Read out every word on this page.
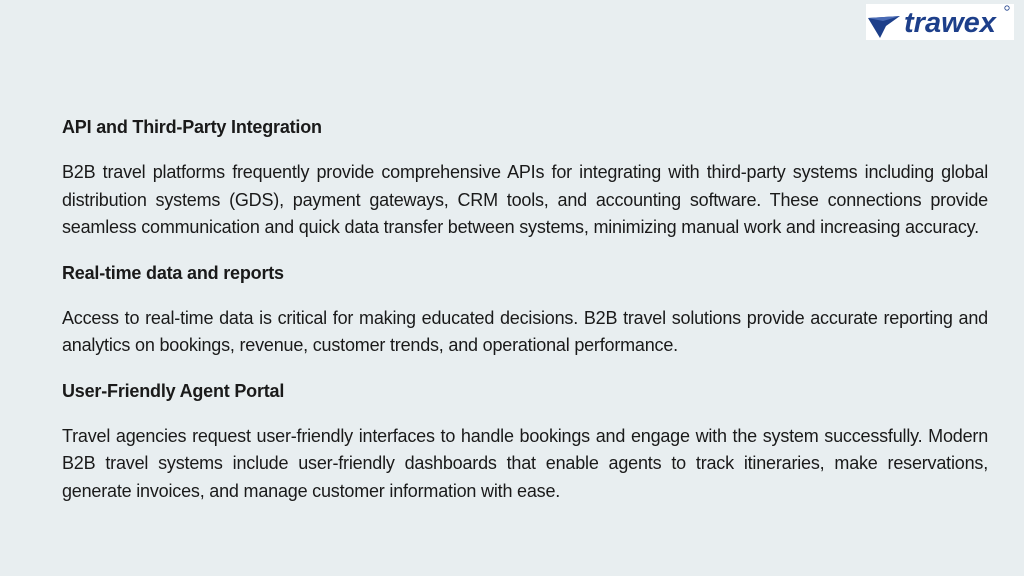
trawex
API and Third-Party Integration

B2B travel platforms frequently provide comprehensive APIs for integrating with third-party systems including global distribution systems (GDS), payment gateways, CRM tools, and accounting software. These connections provide seamless communication and quick data transfer between systems, minimizing manual work and increasing accuracy.

Real-time data and reports

Access to real-time data is critical for making educated decisions. B2B travel solutions provide accurate reporting and analytics on bookings, revenue, customer trends, and operational performance.

User-Friendly Agent Portal

Travel agencies request user-friendly interfaces to handle bookings and engage with the system successfully. Modern B2B travel systems include user-friendly dashboards that enable agents to track itineraries, make reservations, generate invoices, and manage customer information with ease.
